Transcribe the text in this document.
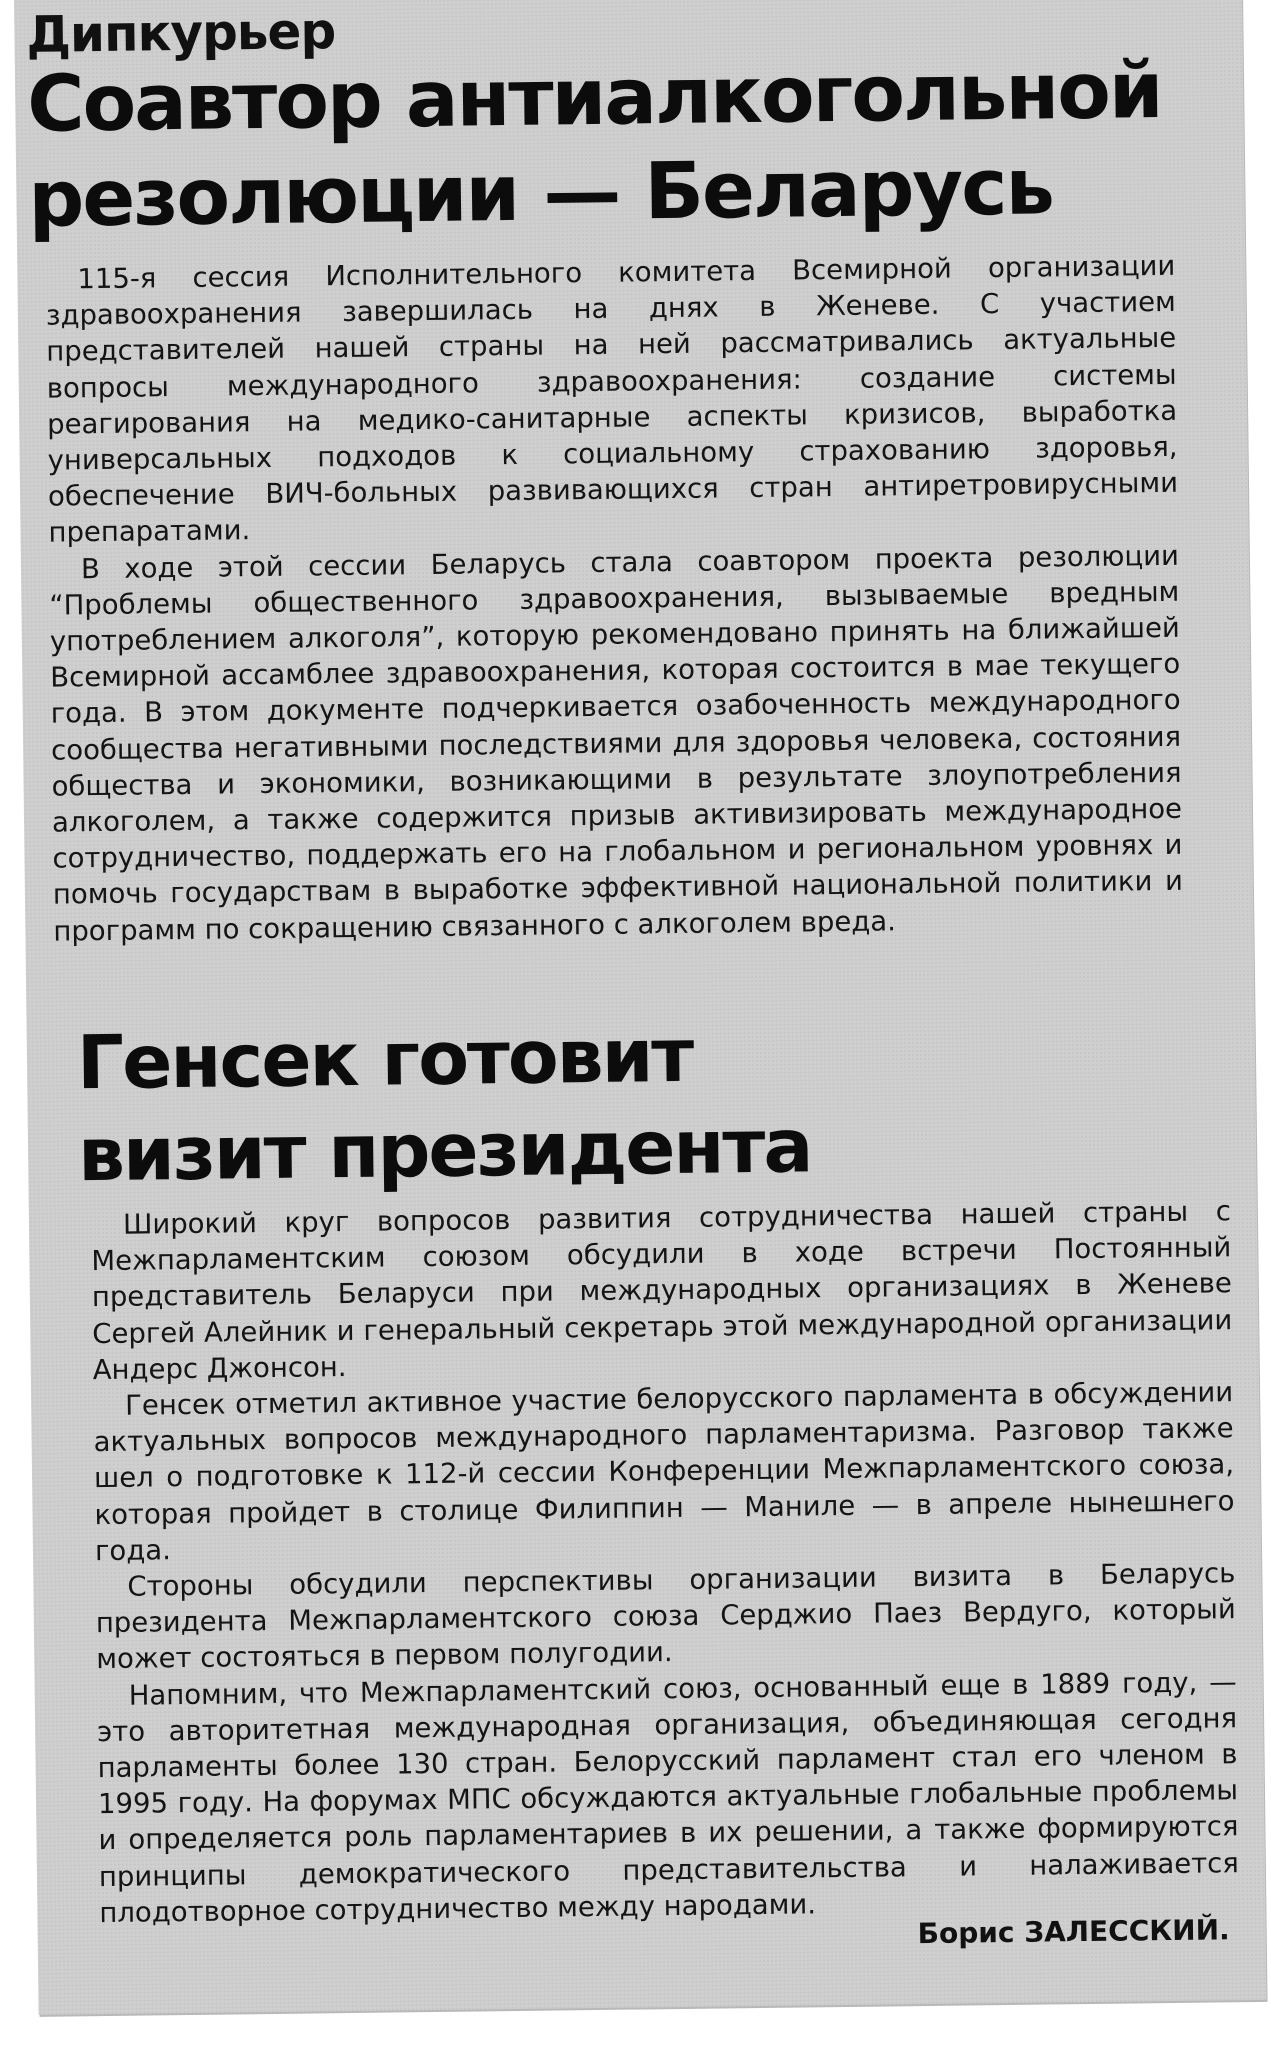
Дипкурьер
Соавтор антиалкогольной
резолюции — Беларусь

115-я сессия Исполнительного комитета Всемирной организации здравоохранения завершилась на днях в Женеве. С участием представителей нашей страны на ней рассматривались актуальные вопросы международного здравоохранения: создание системы реагирования на медико-санитарные аспекты кризисов, выработка универсальных подходов к социальному страхованию здоровья, обеспечение ВИЧ-больных развивающихся стран антиретровирусными препаратами.

В ходе этой сессии Беларусь стала соавтором проекта резолюции “Проблемы общественного здравоохранения, вызываемые вредным употреблением алкоголя”, которую рекомендовано принять на ближайшей Всемирной ассамблее здравоохранения, которая состоится в мае текущего года. В этом документе подчеркивается озабоченность международного сообщества негативными последствиями для здоровья человека, состояния общества и экономики, возникающими в результате злоупотребления алкоголем, а также содержится призыв активизировать международное сотрудничество, поддержать его на глобальном и региональном уровнях и помочь государствам в выработке эффективной национальной политики и программ по сокращению связанного с алкоголем вреда.

Генсек готовит
визит президента

Широкий круг вопросов развития сотрудничества нашей страны с Межпарламентским союзом обсудили в ходе встречи Постоянный представитель Беларуси при международных организациях в Женеве Сергей Алейник и генеральный секретарь этой международной организации Андерс Джонсон.

Генсек отметил активное участие белорусского парламента в обсуждении актуальных вопросов международного парламентаризма. Разговор также шел о подготовке к 112-й сессии Конференции Межпарламентского союза, которая пройдет в столице Филиппин — Маниле — в апреле нынешнего года.

Стороны обсудили перспективы организации визита в Беларусь президента Межпарламентского союза Серджио Паез Вердуго, который может состояться в первом полугодии.

Напомним, что Межпарламентский союз, основанный еще в 1889 году, — это авторитетная международная организация, объединяющая сегодня парламенты более 130 стран. Белорусский парламент стал его членом в 1995 году. На форумах МПС обсуждаются актуальные глобальные проблемы и определяется роль парламентариев в их решении, а также формируются принципы демократического представительства и налаживается плодотворное сотрудничество между народами.

Борис ЗАЛЕССКИЙ.
